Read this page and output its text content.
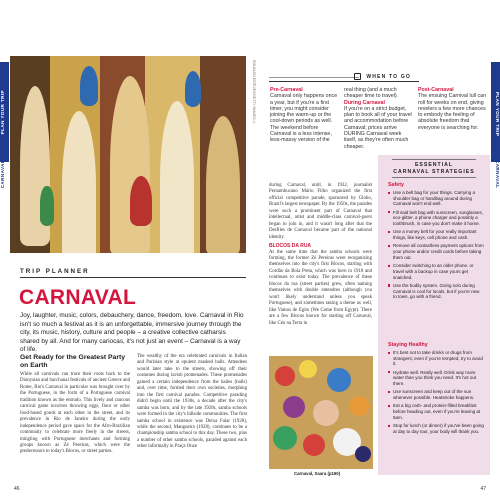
PLAN YOUR TRIP
CARNAVAL
PLAN YOUR TRIP
CARNAVAL
RONALDO ESTEVES/GETTY IMAGES ©
TRIP PLANNER
CARNAVAL
Joy, laughter, music, colors, debauchery, dance, freedom, love. Carnaval in Rio isn't so much a festival as it is an unforgettable, immersive journey through the city, its music, history, culture and people – a creative collective catharsis shared by all. And for many cariocas, it's not just an event – Carnaval is a way of life.
Get Ready for the Greatest Party on Earth
While all carnivals can trace their roots back to the Dionysian and bacchanal festivals of ancient Greece and Rome, Rio's Carnaval in particular was brought over by the Portuguese, in the form of a Portuguese carnival tradition known as the entrudo. This lively and raucous carnival game involves throwing eggs, flour or other food-based goods at each other in the street, and its prevalence in Rio de Janeiro during the early independence period gave space for the Afro-Brazilian community to celebrate more freely in the streets, mingling with Portuguese merchants and forming groups known as Zé Pereiras, which were the predecessors to today's Blocos, or street parties.
The wealthy of the era celebrated carnivals in Italian and Parisian style at opulent masked balls. Attendees would later take to the streets, showing off their costumes during lavish promenades. These promenades gained a certain independence from the bailes (balls) and, over time, formed their own societies, morphing into the first carnival parades. Competitive parading didn't begin until the 1930s, a decade after the city's samba was born, and by the late 1920s, samba schools were formed in the city's hillside communities. The first samba school in existence was Deixa Falar (1928), while the second, Mangueira (1928), continues to be a championship samba school to this day. These two, plus a number of other samba schools, paraded against each other informally in Praça Onze
46	47
WHEN TO GO
Pre-Carnaval
Carnaval only happens once a year, but if you're a first timer, you might consider joining the warm-up or the cool-down periods as well. The weekend before Carnaval is a less intense, less-massy version of the
real thing (and a much cheaper time to travel).
During Carnaval
If you're on a strict budget, plan to book all of your travel and accommodation before Carnaval; prices arrive DURING Carnaval week itself, as they're often much cheaper.
Post-Carnaval
The ensuing Carnival lull can roll for weeks on end, giving revelers a few more chances to embody the feeling of absolute freedom that everyone is searching for.
during Carnaval, until, in 1932, journalist Pernambucano Mário Filho organized the first official competitive parade, sponsored by Globo, Brazil's largest newspaper. By the 1950s, the parades were such a prominent part of Carnaval that intellectual, artist and middle-class carnival-goers began to join in, and it wasn't long after that the Desfiles de Carnaval became part of the national identity.
BLOCOS DA RUA
At the same time that the samba schools were forming, the former Zé Pereiras were reorganizing themselves into the city's first Blocos, starting with Cordão da Bola Preta, which was born in 1918 and continues to exist today. The prevalence of these blocos da rua (street parties) grew, often naming themselves with double entendres (although you won't likely understand unless you speak Portuguese), and sometimes taking a theme as well, like Vamos de Egito (We Come from Egypt). There are a few Blocos known for starting off Carnaval, like Céu na Terra in
Carnaval, Saara (p160)
ESSENTIAL
CARNAVAL STRATEGIES
Safety
Use a belt bag for your things. Carrying a shoulder bag or handbag around during Carnaval won't end well.
Fill said belt bag with sunscreen, sunglasses, eco-glitter, a phone charger and possibly a toothbrush, in case you don't make it home.
Use a money belt for your really important things, like keys, cell phone and cash.
Remove all contactless payment options from your phone and/or credit cards before taking them out.
Consider switching to an older phone, or travel with a backup in case yours get snatched.
Use the bodily system. Going solo during Carnaval is cool for locals, but if you're new to town, go with a friend.
Staying Healthy
It's best not to take drinks or drugs from strangers; even if you're tempted, try to avoid it.
Hydrate well. Really well. Drink way more water than you think you need. It's hot out there.
Use sunscreen and keep out of the sun whenever possible. Heatstroke happens.
Eat a big carb- and protein-filled breakfast before heading out, even if you're leaving at 5am.
Stop for lunch (or dinner) if you've been going at day to day tour, your body will thank you.
